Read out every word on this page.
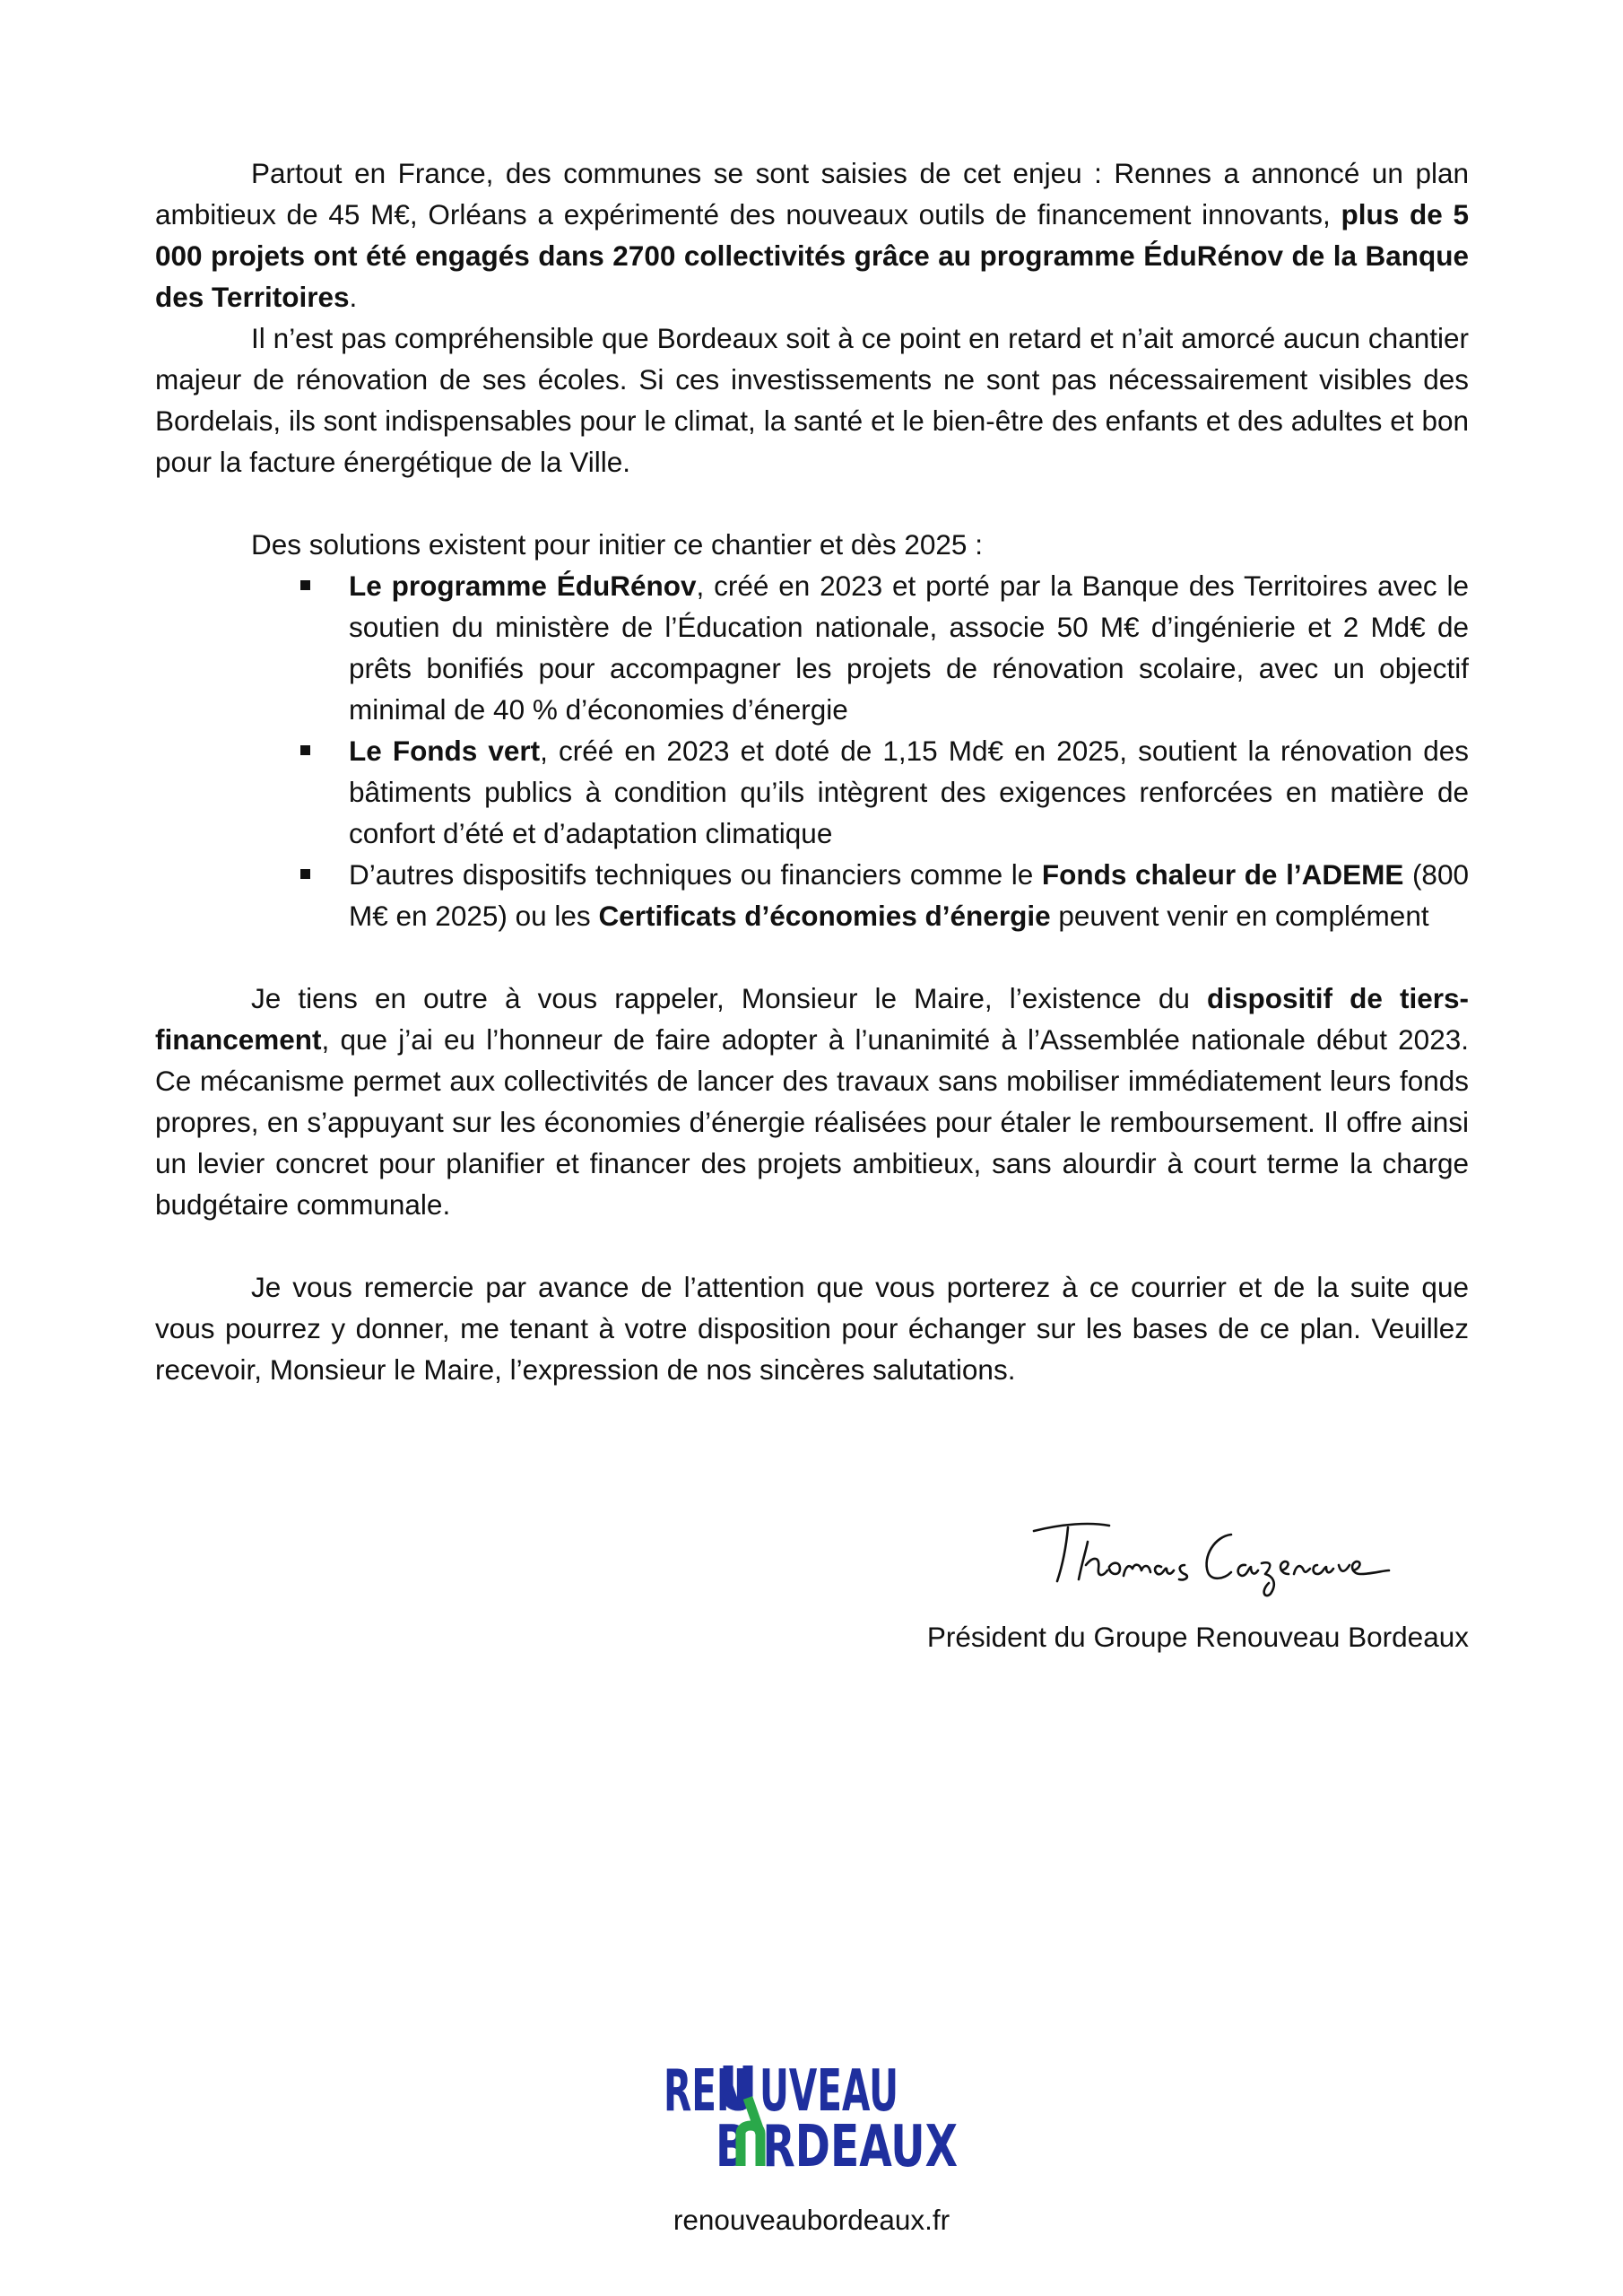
Partout en France, des communes se sont saisies de cet enjeu : Rennes a annoncé un plan ambitieux de 45 M€, Orléans a expérimenté des nouveaux outils de financement innovants, plus de 5 000 projets ont été engagés dans 2700 collectivités grâce au programme ÉduRénov de la Banque des Territoires.

Il n’est pas compréhensible que Bordeaux soit à ce point en retard et n’ait amorcé aucun chantier majeur de rénovation de ses écoles. Si ces investissements ne sont pas nécessairement visibles des Bordelais, ils sont indispensables pour le climat, la santé et le bien-être des enfants et des adultes et bon pour la facture énergétique de la Ville.

Des solutions existent pour initier ce chantier et dès 2025 :

Le programme ÉduRénov, créé en 2023 et porté par la Banque des Territoires avec le soutien du ministère de l’Éducation nationale, associe 50 M€ d’ingénierie et 2 Md€ de prêts bonifiés pour accompagner les projets de rénovation scolaire, avec un objectif minimal de 40 % d’économies d’énergie
Le Fonds vert, créé en 2023 et doté de 1,15 Md€ en 2025, soutient la rénovation des bâtiments publics à condition qu’ils intègrent des exigences renforcées en matière de confort d’été et d’adaptation climatique
D’autres dispositifs techniques ou financiers comme le Fonds chaleur de l’ADEME (800 M€ en 2025) ou les Certificats d’économies d’énergie peuvent venir en complément

Je tiens en outre à vous rappeler, Monsieur le Maire, l’existence du dispositif de tiers-financement, que j’ai eu l’honneur de faire adopter à l’unanimité à l’Assemblée nationale début 2023. Ce mécanisme permet aux collectivités de lancer des travaux sans mobiliser immédiatement leurs fonds propres, en s’appuyant sur les économies d’énergie réalisées pour étaler le remboursement. Il offre ainsi un levier concret pour planifier et financer des projets ambitieux, sans alourdir à court terme la charge budgétaire communale.

Je vous remercie par avance de l’attention que vous porterez à ce courrier et de la suite que vous pourrez y donner, me tenant à votre disposition pour échanger sur les bases de ce plan. Veuillez recevoir, Monsieur le Maire, l’expression de nos sincères salutations.

Président du Groupe Renouveau Bordeaux
REN UVEAU
B RDEAUX
renouveaubordeaux.fr
